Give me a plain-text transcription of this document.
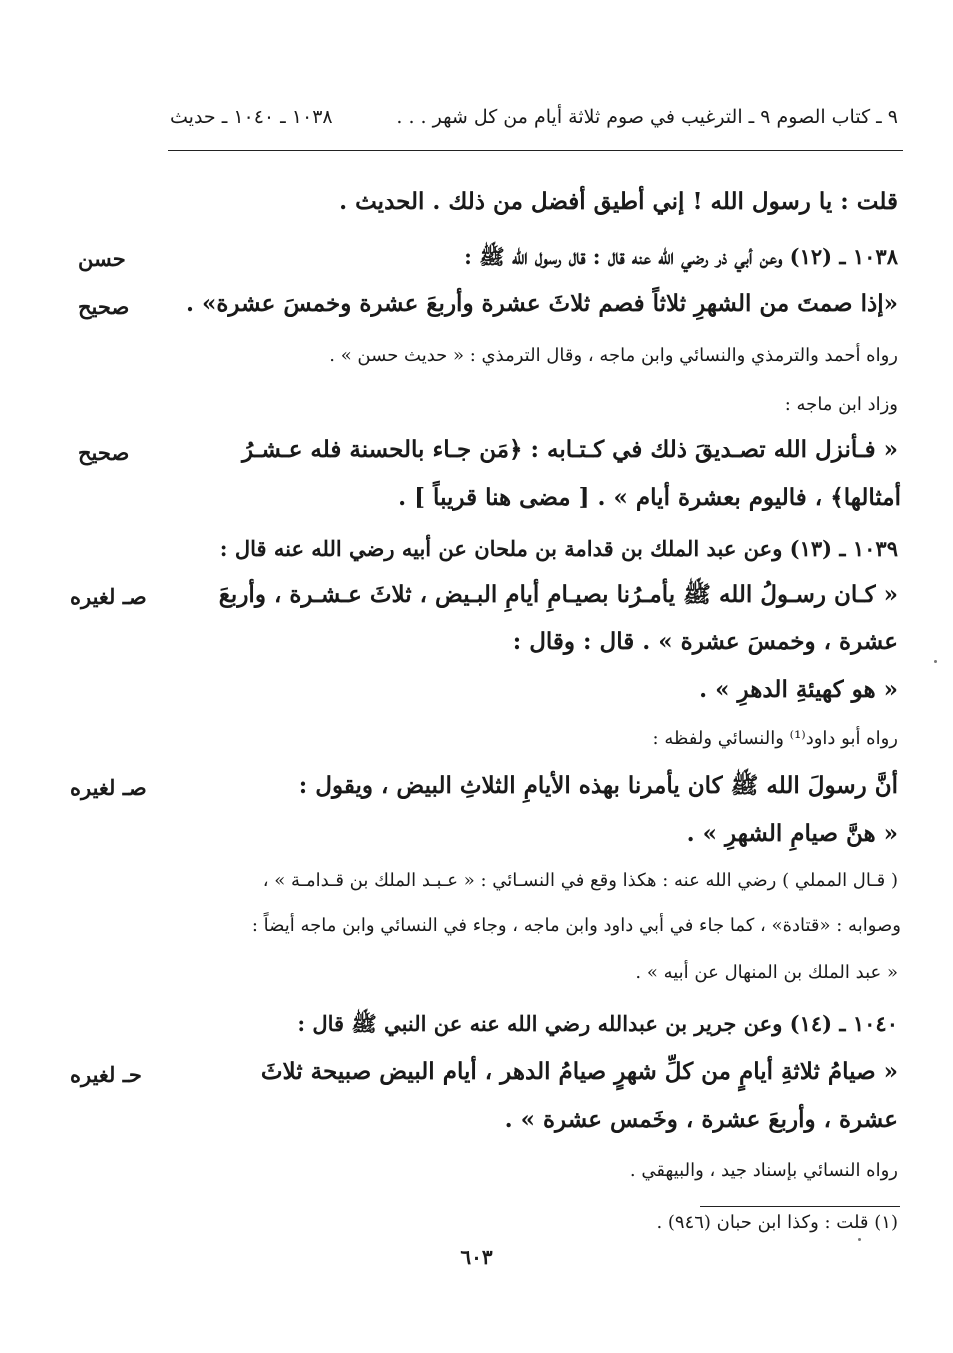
٩ ـ كتاب الصوم ٩ ـ الترغيب في صوم ثلاثة أيام من كل شهر . . .
١٠٣٨ ـ ١٠٤٠ ـ حديث
قلت : يا رسول الله ! إني أطيق أفضل من ذلك . الحديث .
١٠٣٨ ـ (١٢) وعن أبي ذر رضي الله عنه قال : قال رسول الله ﷺ :
«إذا صمتَ من الشهرِ ثلاثاً فصم ثلاثَ عشرة وأربعَ عشرة وخمسَ عشرة» .
رواه أحمد والترمذي والنسائي وابن ماجه ، وقال الترمذي : « حديث حسن » .
وزاد ابن ماجه :
« فـأنزل الله تصـديقَ ذلك في كـتـابه : ﴿مَن جـاء بالحسنة فله عـشـرُ
أمثالها﴾ ، فاليوم بعشرة أيام » . [ مضى هنا قريباً ] .
١٠٣٩ ـ (١٣) وعن عبد الملك بن قدامة بن ملحان عن أبيه رضي الله عنه قال :
« كـان رسـولُ الله ﷺ يأمـرُنا بصيـامِ أيامِ البـيض ، ثلاثَ عـشـرة ، وأربعَ
عشرة ، وخمسَ عشرة » . قال : وقال :
« هو كهيئةِ الدهرِ » .
رواه أبو داود⁽¹⁾ والنسائي ولفظه :
أنَّ رسولَ الله ﷺ كان يأمرنا بهذه الأيامِ الثلاثِ البيض ، ويقول :
« هنَّ صيامِ الشهرِ » .
( قـال المملي ) رضي الله عنه : هكذا وقع في النسـائي : « عـبـد الملك بن قـدامـة » ،
وصوابه : «قتادة» ، كما جاء في أبي داود وابن ماجه ، وجاء في النسائي وابن ماجه أيضاً :
« عبد الملك بن المنهال عن أبيه » .
١٠٤٠ ـ (١٤) وعن جرير بن عبدالله رضي الله عنه عن النبي ﷺ قال :
« صيامُ ثلاثةِ أيامٍ من كلِّ شهرٍ صيامُ الدهر ، أيام البيض صبيحة ثلاثَ
عشرة ، وأربعَ عشرة ، وخَمس عشرة » .
رواه النسائي بإسناد جيد ، والبيهقي .
حسن
صحيح
صحيح
صـ لغيره
صـ لغيره
حـ لغيره
(١) قلت : وكذا ابن حبان (٩٤٦) .
٦٠٣
